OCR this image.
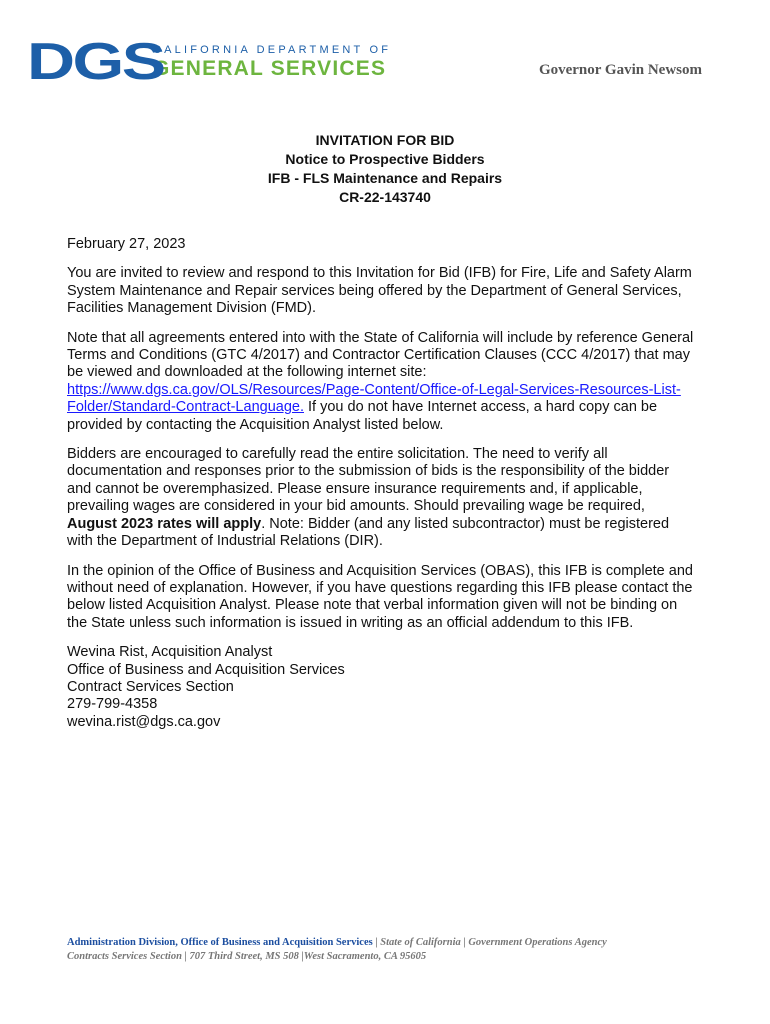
DGS
CALIFORNIA DEPARTMENT OF
GENERAL SERVICES	Governor Gavin Newsom
INVITATION FOR BID
Notice to Prospective Bidders
IFB - FLS Maintenance and Repairs
CR-22-143740

February 27, 2023

You are invited to review and respond to this Invitation for Bid (IFB) for Fire, Life and Safety Alarm System Maintenance and Repair services being offered by the Department of General Services, Facilities Management Division (FMD).

Note that all agreements entered into with the State of California will include by reference General Terms and Conditions (GTC 4/2017) and Contractor Certification Clauses (CCC 4/2017) that may be viewed and downloaded at the following internet site: https://www.dgs.ca.gov/OLS/Resources/Page-Content/Office-of-Legal-Services-Resources-List-Folder/Standard-Contract-Language. If you do not have Internet access, a hard copy can be provided by contacting the Acquisition Analyst listed below.

Bidders are encouraged to carefully read the entire solicitation. The need to verify all documentation and responses prior to the submission of bids is the responsibility of the bidder and cannot be overemphasized. Please ensure insurance requirements and, if applicable, prevailing wages are considered in your bid amounts. Should prevailing wage be required, August 2023 rates will apply. Note: Bidder (and any listed subcontractor) must be registered with the Department of Industrial Relations (DIR).

In the opinion of the Office of Business and Acquisition Services (OBAS), this IFB is complete and without need of explanation. However, if you have questions regarding this IFB please contact the below listed Acquisition Analyst. Please note that verbal information given will not be binding on the State unless such information is issued in writing as an official addendum to this IFB.

Wevina Rist, Acquisition Analyst
Office of Business and Acquisition Services
Contract Services Section
279-799-4358
wevina.rist@dgs.ca.gov
Administration Division, Office of Business and Acquisition Services | State of California | Government Operations Agency
Contracts Services Section | 707 Third Street, MS 508 |West Sacramento, CA 95605
